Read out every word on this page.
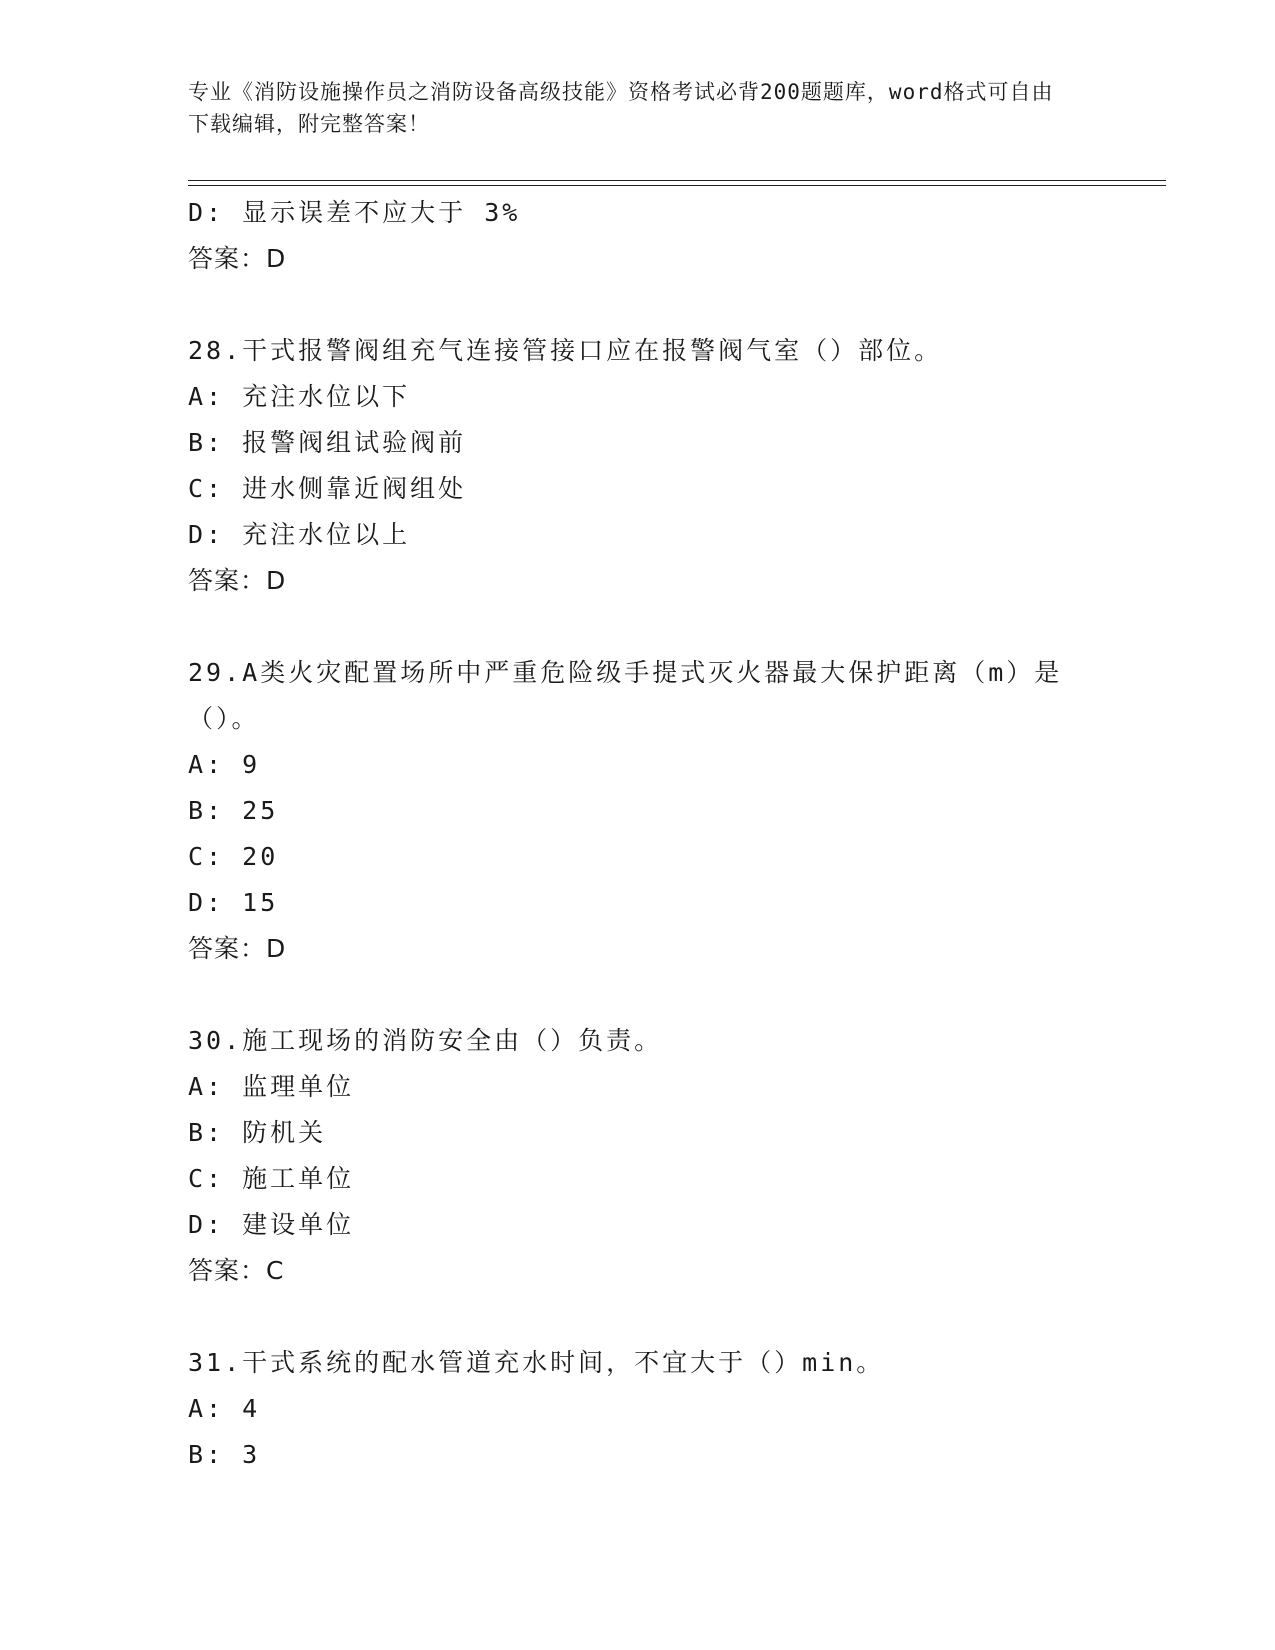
专业《消防设施操作员之消防设备高级技能》资格考试必背200题题库，word格式可自由下载编辑，附完整答案！
D: 显示误差不应大于 3%
答案：D
28.干式报警阀组充气连接管接口应在报警阀气室（）部位。
A: 充注水位以下
B: 报警阀组试验阀前
C: 进水侧靠近阀组处
D: 充注水位以上
答案：D
29.A类火灾配置场所中严重危险级手提式灭火器最大保护距离（m）是（）。
A: 9
B: 25
C: 20
D: 15
答案：D
30.施工现场的消防安全由（）负责。
A: 监理单位
B: 防机关
C: 施工单位
D: 建设单位
答案：C
31.干式系统的配水管道充水时间，不宜大于（）min。
A: 4
B: 3
